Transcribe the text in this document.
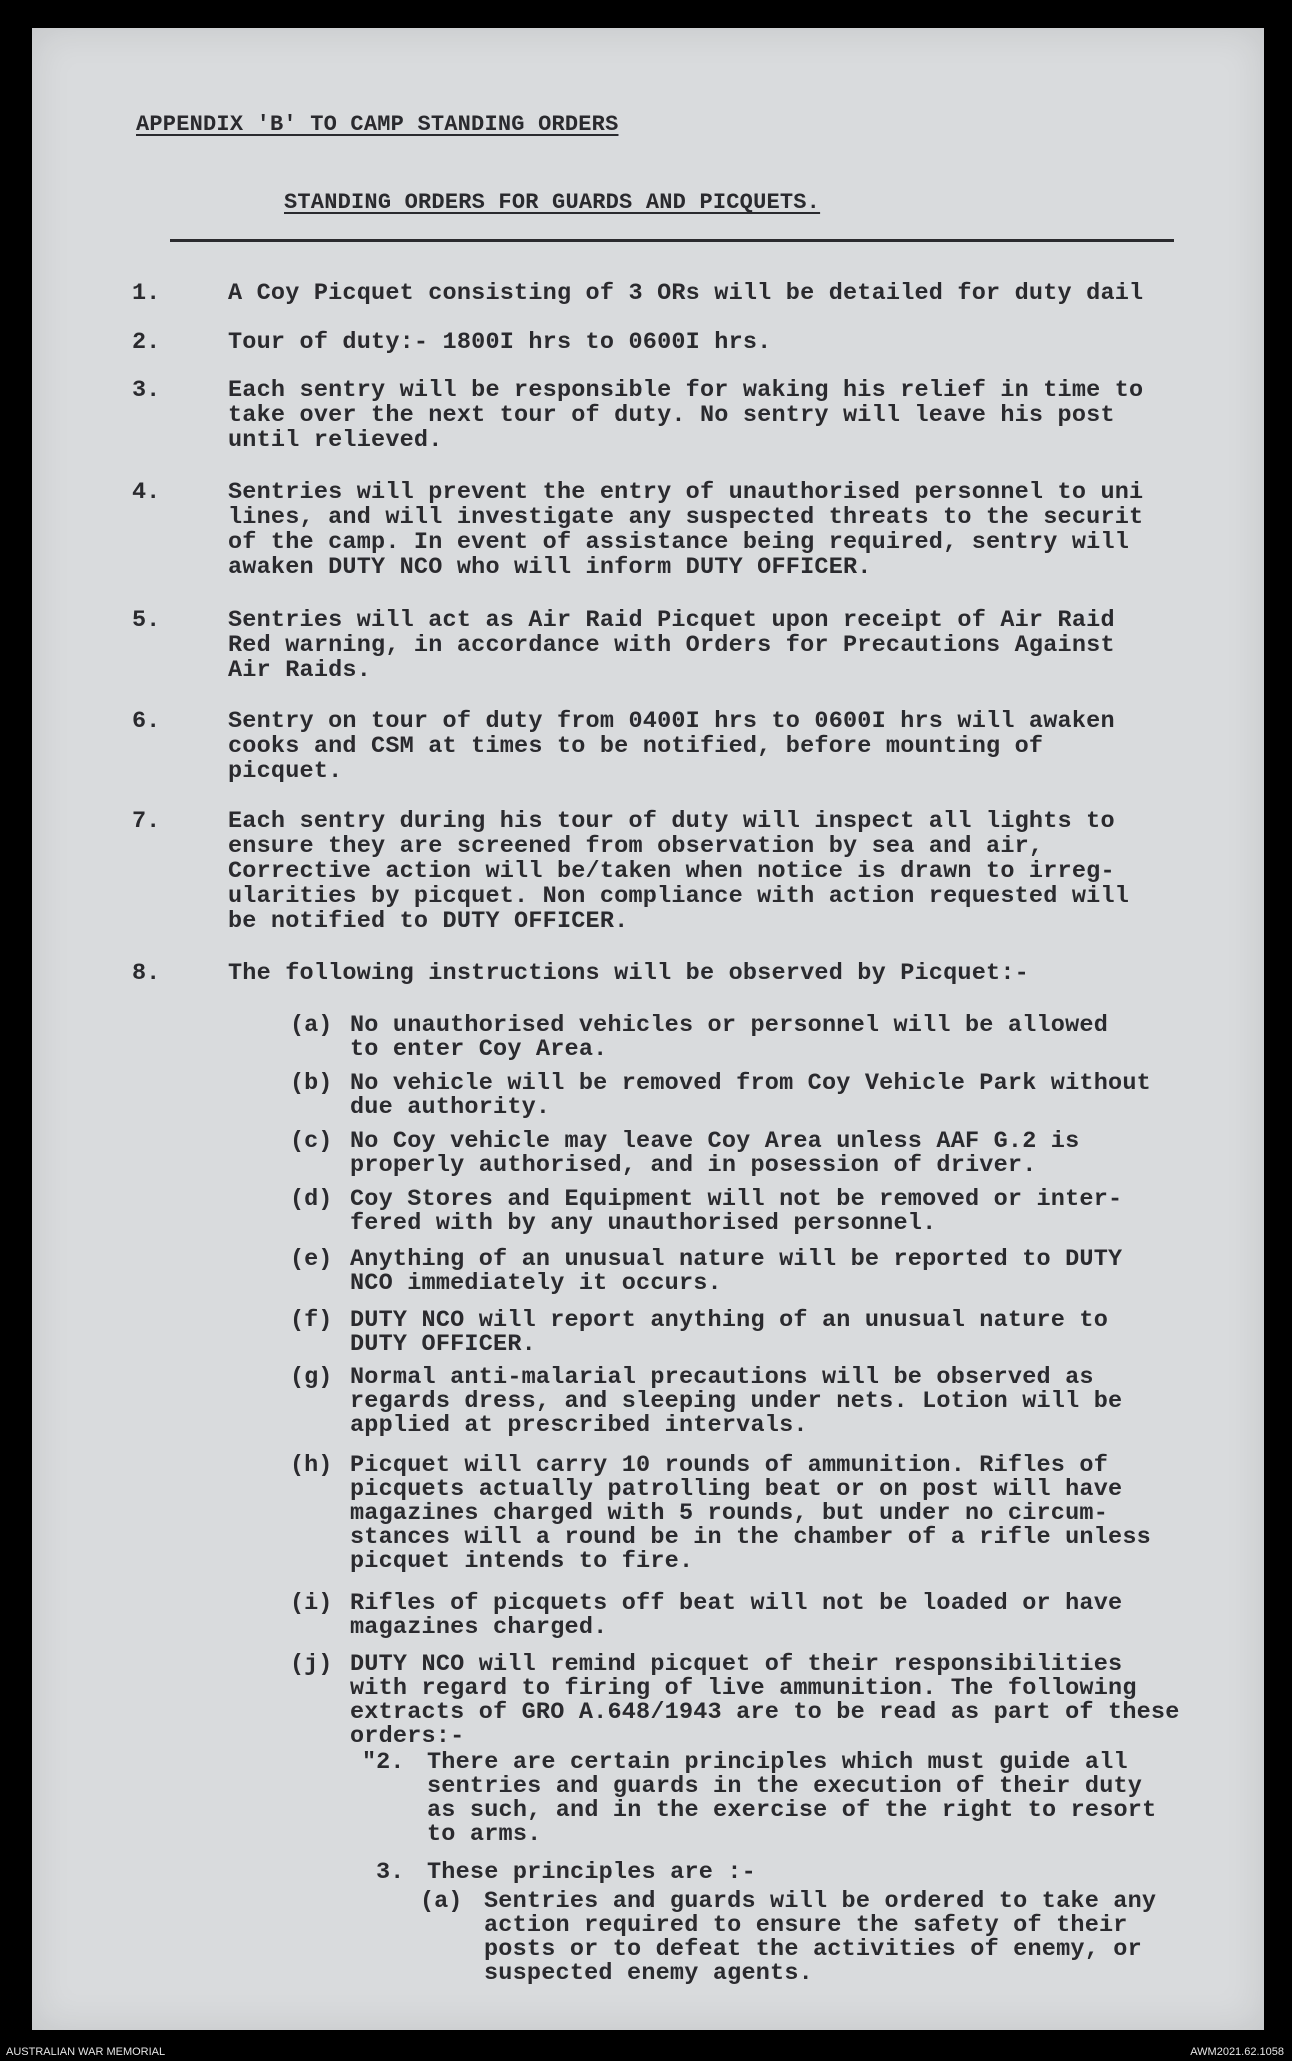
APPENDIX 'B' TO CAMP STANDING ORDERS
STANDING ORDERS FOR GUARDS AND PICQUETS.
1.	A Coy Picquet consisting of 3 ORs will be detailed for duty dail
2.	Tour of duty:- 1800I hrs to 0600I hrs.
3.	Each sentry will be responsible for waking his relief in time to
take over the next tour of duty. No sentry will leave his post
until relieved.
4.	Sentries will prevent the entry of unauthorised personnel to uni
lines, and will investigate any suspected threats to the securit
of the camp. In event of assistance being required, sentry will
awaken DUTY NCO who will inform DUTY OFFICER.
5.	Sentries will act as Air Raid Picquet upon receipt of Air Raid
Red warning, in accordance with Orders for Precautions Against
Air Raids.
6.	Sentry on tour of duty from 0400I hrs to 0600I hrs will awaken
cooks and CSM at times to be notified, before mounting of
picquet.
7.	Each sentry during his tour of duty will inspect all lights to
ensure they are screened from observation by sea and air,
Corrective action will be/taken when notice is drawn to irreg-
ularities by picquet. Non compliance with action requested will
be notified to DUTY OFFICER.
8.	The following instructions will be observed by Picquet:-
(a) No unauthorised vehicles or personnel will be allowed
to enter Coy Area.
(b) No vehicle will be removed from Coy Vehicle Park without
due authority.
(c) No Coy vehicle may leave Coy Area unless AAF G.2 is
properly authorised, and in posession of driver.
(d) Coy Stores and Equipment will not be removed or inter-
fered with by any unauthorised personnel.
(e) Anything of an unusual nature will be reported to DUTY
NCO immediately it occurs.
(f) DUTY NCO will report anything of an unusual nature to
DUTY OFFICER.
(g) Normal anti-malarial precautions will be observed as
regards dress, and sleeping under nets. Lotion will be
applied at prescribed intervals.
(h) Picquet will carry 10 rounds of ammunition. Rifles of
picquets actually patrolling beat or on post will have
magazines charged with 5 rounds, but under no circum-
stances will a round be in the chamber of a rifle unless
picquet intends to fire.
(i) Rifles of picquets off beat will not be loaded or have
magazines charged.
(j) DUTY NCO will remind picquet of their responsibilities
with regard to firing of live ammunition. The following
extracts of GRO A.648/1943 are to be read as part of these
orders:-
"2. There are certain principles which must guide all
sentries and guards in the execution of their duty
as such, and in the exercise of the right to resort
to arms.
3. These principles are :-
(a) Sentries and guards will be ordered to take any
action required to ensure the safety of their
posts or to defeat the activities of enemy, or
suspected enemy agents.
AUSTRALIAN WAR MEMORIAL	AWM2021.62.1058
